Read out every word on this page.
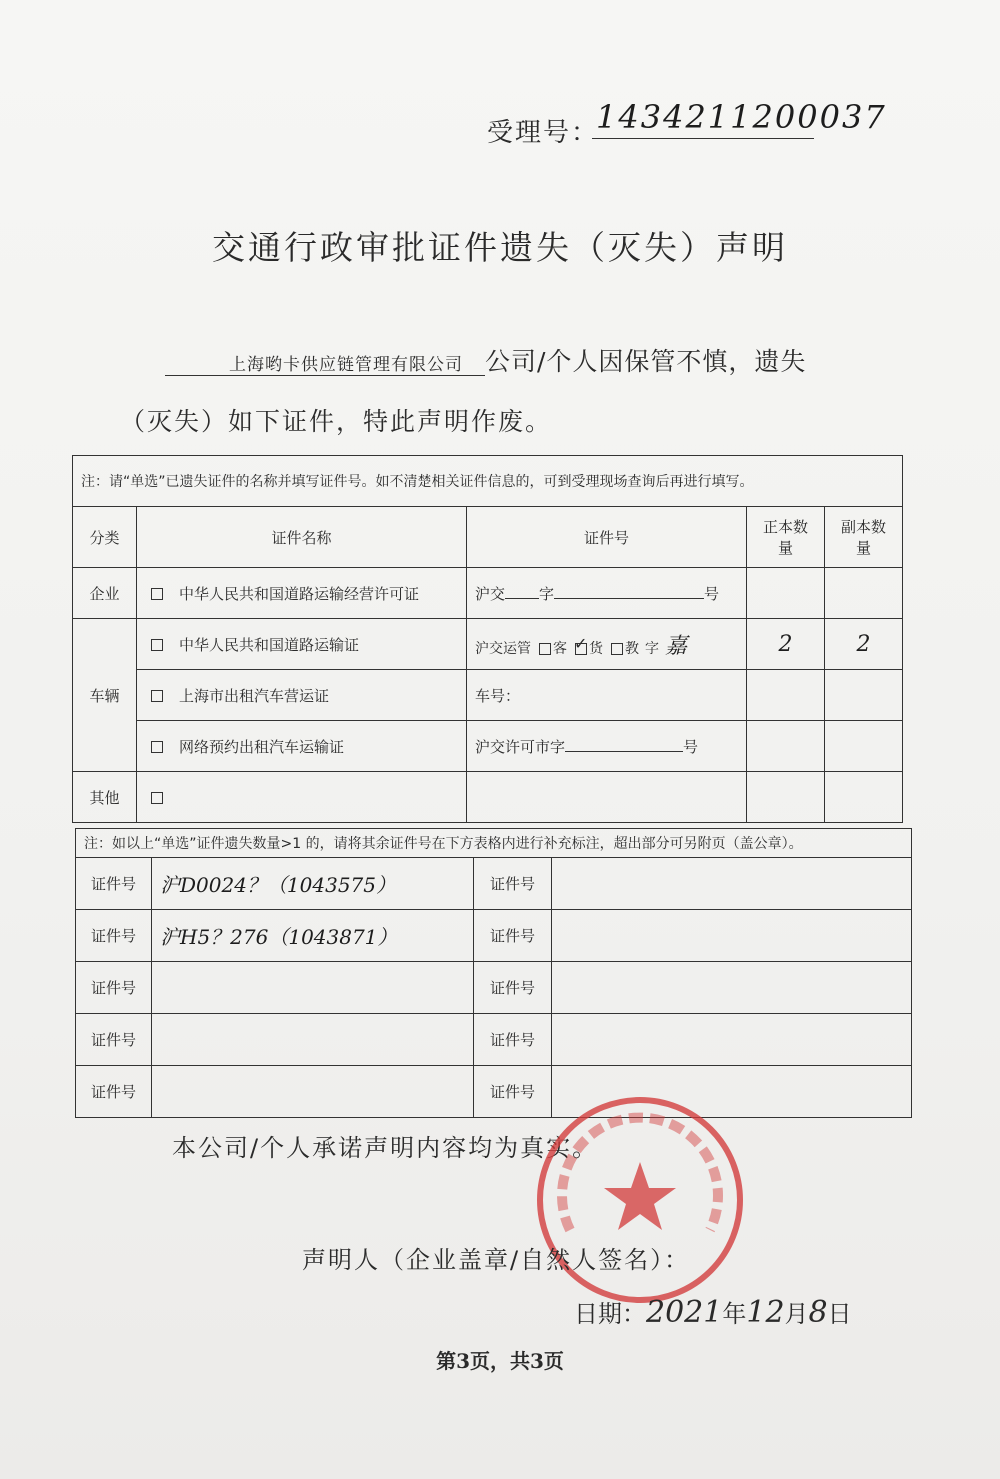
受理号：
1434211200037
交通行政审批证件遗失（灭失）声明
上海哟卡供应链管理有限公司 公司/个人因保管不慎，遗失
（灭失）如下证件，特此声明作废。
注：请“单选”已遗失证件的名称并填写证件号。如不清楚相关证件信息的，可到受理现场查询后再进行填写。				
分类	证件名称	证件号	正本数量	副本数量
企业	中华人民共和国道路运输经营许可证	沪交 字 号		
车辆	中华人民共和国道路运输证	沪交运管 客 ✓ 货 教 字 嘉	2	2
	上海市出租汽车营运证	车号：		
	网络预约出租汽车运输证	沪交许可市字 号		
其他				
注：如以上“单选”证件遗失数量>1 的，请将其余证件号在下方表格内进行补充标注，超出部分可另附页（盖公章）。			
证件号	沪D0024？（1043575）	证件号	
证件号	沪H5？276（1043871）	证件号	
证件号		证件号	
证件号		证件号	
证件号		证件号	
本公司/个人承诺声明内容均为真实。
声明人（企业盖章/自然人签名）：
日期：2021年12月8日
第3页，共3页
